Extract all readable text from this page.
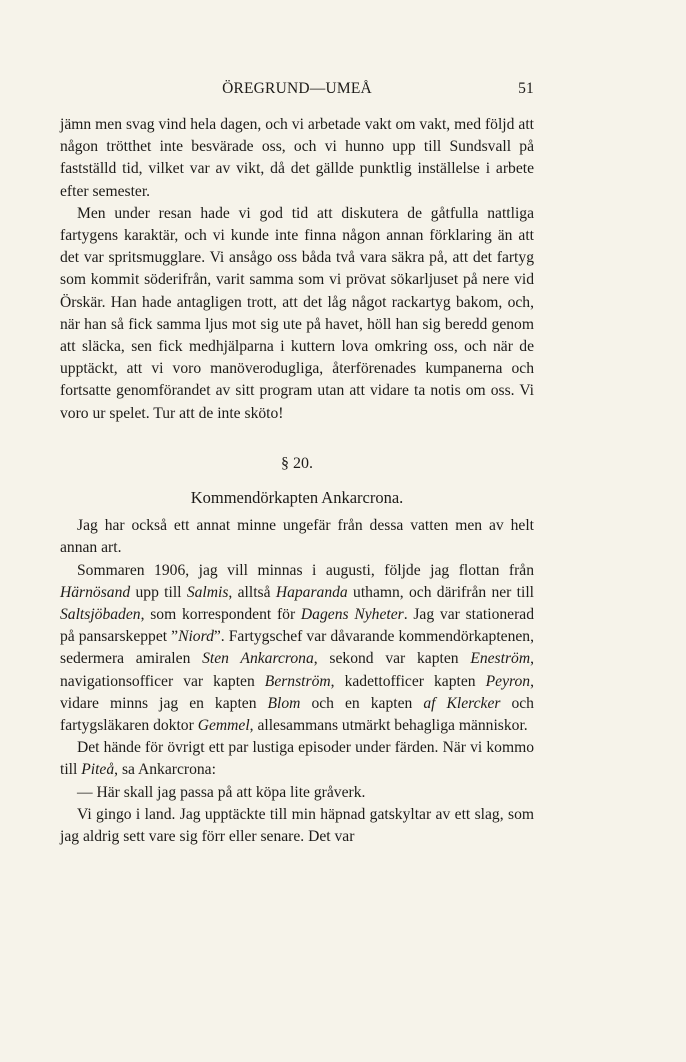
ÖREGRUND—UMEÅ	51

jämn men svag vind hela dagen, och vi arbetade vakt om vakt, med följd att någon trötthet inte besvärade oss, och vi hunno upp till Sundsvall på fastställd tid, vilket var av vikt, då det gällde punktlig inställelse i arbete efter semester.

Men under resan hade vi god tid att diskutera de gåtfulla nattliga fartygens karaktär, och vi kunde inte finna någon annan förklaring än att det var spritsmugglare. Vi ansågo oss båda två vara säkra på, att det fartyg som kommit söderifrån, varit samma som vi prövat sökarljuset på nere vid Örskär. Han hade antagligen trott, att det låg något rackartyg bakom, och, när han så fick samma ljus mot sig ute på havet, höll han sig beredd genom att släcka, sen fick medhjälparna i kuttern lova omkring oss, och när de upptäckt, att vi voro manöverodugliga, återförenades kumpanerna och fortsatte genomförandet av sitt program utan att vidare ta notis om oss. Vi voro ur spelet. Tur att de inte sköto!

§ 20.
Kommendörkapten Ankarcrona.

Jag har också ett annat minne ungefär från dessa vatten men av helt annan art.

Sommaren 1906, jag vill minnas i augusti, följde jag flottan från Härnösand upp till Salmis, alltså Haparanda uthamn, och därifrån ner till Saltsjöbaden, som korrespondent för Dagens Nyheter. Jag var stationerad på pansarskeppet ”Niord”. Fartygschef var dåvarande kommendörkaptenen, sedermera amiralen Sten Ankarcrona, sekond var kapten Eneström, navigationsofficer var kapten Bernström, kadettofficer kapten Peyron, vidare minns jag en kapten Blom och en kapten af Klercker och fartygsläkaren doktor Gemmel, allesammans utmärkt behagliga människor.

Det hände för övrigt ett par lustiga episoder under färden. När vi kommo till Piteå, sa Ankarcrona:

— Här skall jag passa på att köpa lite gråverk.

Vi gingo i land. Jag upptäckte till min häpnad gatskyltar av ett slag, som jag aldrig sett vare sig förr eller senare. Det var
